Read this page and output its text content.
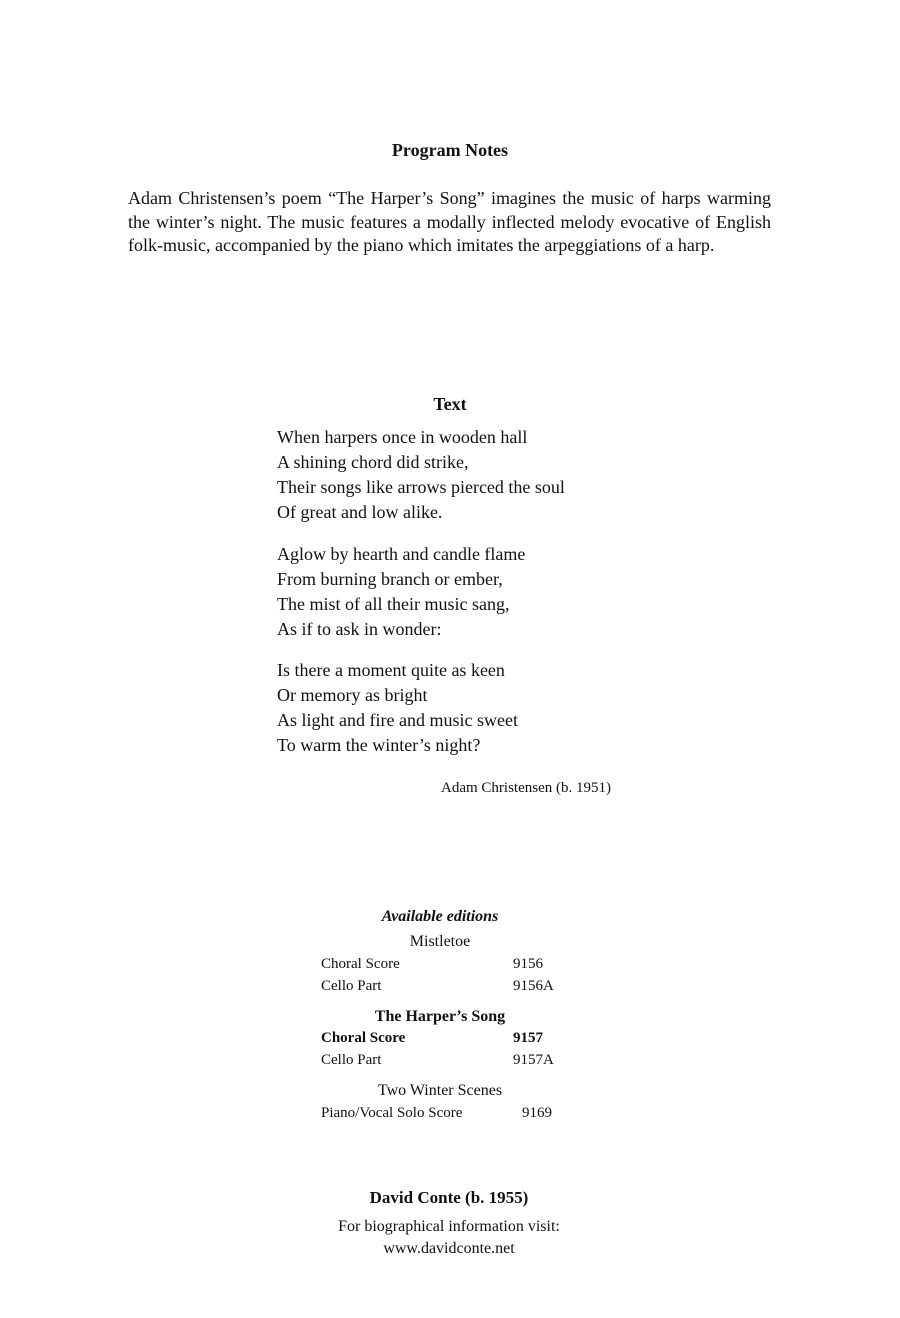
Program Notes

Adam Christensen’s poem “The Harper’s Song” imagines the music of harps warming the winter’s night. The music features a modally inflected melody evocative of English folk-music, accompanied by the piano which imitates the arpeggiations of a harp.

Text
When harpers once in wooden hall
A shining chord did strike,
Their songs like arrows pierced the soul
Of great and low alike.
Aglow by hearth and candle flame
From burning branch or ember,
The mist of all their music sang,
As if to ask in wonder:
Is there a moment quite as keen
Or memory as bright
As light and fire and music sweet
To warm the winter’s night?
Adam Christensen (b. 1951)
Available editions
Mistletoe
Choral Score	9156
Cello Part	9156A
The Harper’s Song
Choral Score	9157
Cello Part	9157A
Two Winter Scenes
Piano/Vocal Solo Score	9169
David Conte (b. 1955)
For biographical information visit:
www.davidconte.net
